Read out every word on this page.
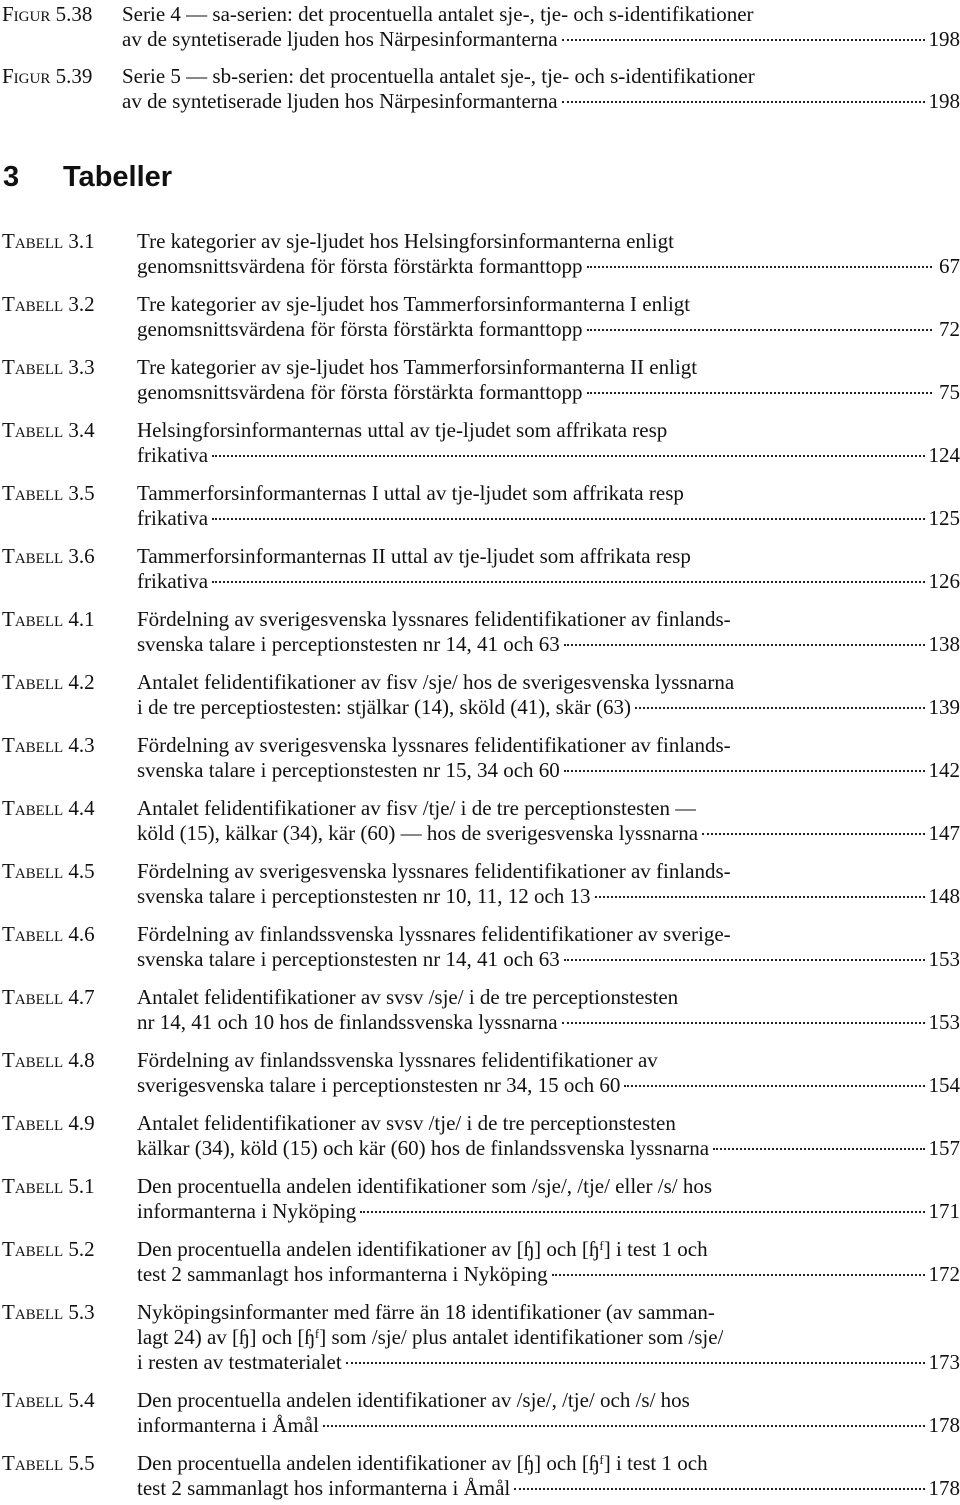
3 Tabeller
Figur 5.38 Serie 4 — sa-serien: det procentuella antalet sje-, tje- och s-identifikationer
av de syntetiserade ljuden hos Närpesinformanterna	198
Figur 5.39 Serie 5 — sb-serien: det procentuella antalet sje-, tje- och s-identifikationer
av de syntetiserade ljuden hos Närpesinformanterna	198
Tabell 3.1 Tre kategorier av sje-ljudet hos Helsingforsinformanterna enligt
genomsnittsvärdena för första förstärkta formanttopp	67
Tabell 3.2 Tre kategorier av sje-ljudet hos Tammerforsinformanterna I enligt
genomsnittsvärdena för första förstärkta formanttopp	72
Tabell 3.3 Tre kategorier av sje-ljudet hos Tammerforsinformanterna II enligt
genomsnittsvärdena för första förstärkta formanttopp	75
Tabell 3.4 Helsingforsinformanternas uttal av tje-ljudet som affrikata resp
frikativa	124
Tabell 3.5 Tammerforsinformanternas I uttal av tje-ljudet som affrikata resp
frikativa	125
Tabell 3.6 Tammerforsinformanternas II uttal av tje-ljudet som affrikata resp
frikativa	126
Tabell 4.1 Fördelning av sverigesvenska lyssnares felidentifikationer av finlands-
svenska talare i perceptionstesten nr 14, 41 och 63	138
Tabell 4.2 Antalet felidentifikationer av fisv /sje/ hos de sverigesvenska lyssnarna
i de tre perceptiostesten: stjälkar (14), sköld (41), skär (63)	139
Tabell 4.3 Fördelning av sverigesvenska lyssnares felidentifikationer av finlands-
svenska talare i perceptionstesten nr 15, 34 och 60	142
Tabell 4.4 Antalet felidentifikationer av fisv /tje/ i de tre perceptionstesten —
köld (15), kälkar (34), kär (60) — hos de sverigesvenska lyssnarna	147
Tabell 4.5 Fördelning av sverigesvenska lyssnares felidentifikationer av finlands-
svenska talare i perceptionstesten nr 10, 11, 12 och 13	148
Tabell 4.6 Fördelning av finlandssvenska lyssnares felidentifikationer av sverige-
svenska talare i perceptionstesten nr 14, 41 och 63	153
Tabell 4.7 Antalet felidentifikationer av svsv /sje/ i de tre perceptionstesten
nr 14, 41 och 10 hos de finlandssvenska lyssnarna	153
Tabell 4.8 Fördelning av finlandssvenska lyssnares felidentifikationer av
sverigesvenska talare i perceptionstesten nr 34, 15 och 60	154
Tabell 4.9 Antalet felidentifikationer av svsv /tje/ i de tre perceptionstesten
kälkar (34), köld (15) och kär (60) hos de finlandssvenska lyssnarna	157
Tabell 5.1 Den procentuella andelen identifikationer som /sje/, /tje/ eller /s/ hos
informanterna i Nyköping	171
Tabell 5.2 Den procentuella andelen identifikationer av [ɧ] och [ɧᶠ] i test 1 och
test 2 sammanlagt hos informanterna i Nyköping	172
Tabell 5.3 Nyköpingsinformanter med färre än 18 identifikationer (av samman-
lagt 24) av [ɧ] och [ɧᶠ] som /sje/ plus antalet identifikationer som /sje/
i resten av testmaterialet	173
Tabell 5.4 Den procentuella andelen identifikationer av /sje/, /tje/ och /s/ hos
informanterna i Åmål	178
Tabell 5.5 Den procentuella andelen identifikationer av [ɧ] och [ɧᶠ] i test 1 och
test 2 sammanlagt hos informanterna i Åmål	178
